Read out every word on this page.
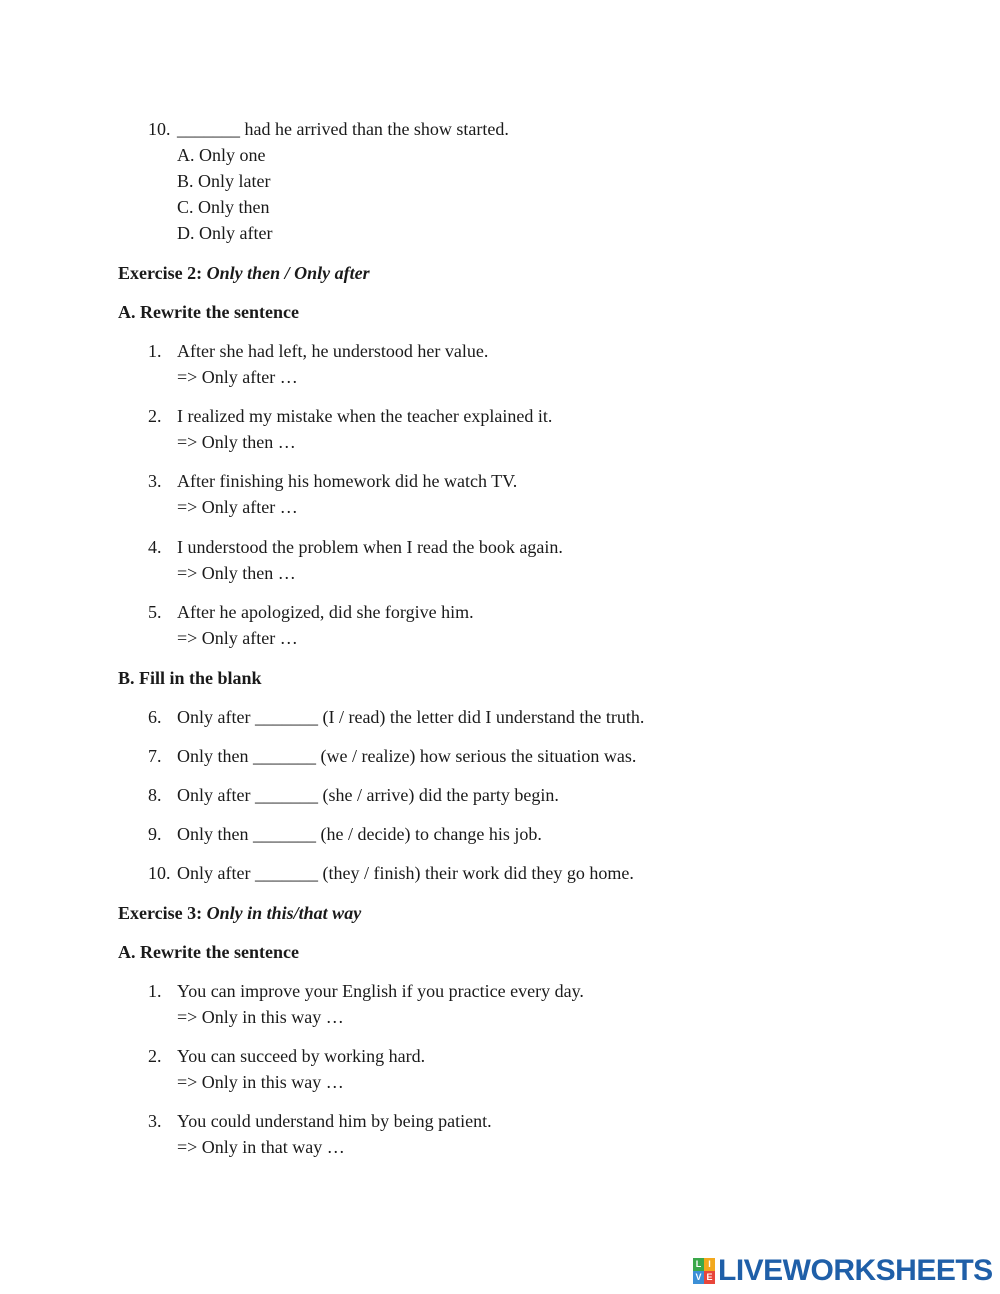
10. _______ had he arrived than the show started.
A. Only one
B. Only later
C. Only then
D. Only after
Exercise 2: Only then / Only after
A. Rewrite the sentence
1. After she had left, he understood her value.
=> Only after …
2. I realized my mistake when the teacher explained it.
=> Only then …
3. After finishing his homework did he watch TV.
=> Only after …
4. I understood the problem when I read the book again.
=> Only then …
5. After he apologized, did she forgive him.
=> Only after …
B. Fill in the blank
6. Only after _______ (I / read) the letter did I understand the truth.
7. Only then _______ (we / realize) how serious the situation was.
8. Only after _______ (she / arrive) did the party begin.
9. Only then _______ (he / decide) to change his job.
10. Only after _______ (they / finish) their work did they go home.
Exercise 3: Only in this/that way
A. Rewrite the sentence
1. You can improve your English if you practice every day.
=> Only in this way …
2. You can succeed by working hard.
=> Only in this way …
3. You could understand him by being patient.
=> Only in that way …
L I
V E LIVEWORKSHEETS
